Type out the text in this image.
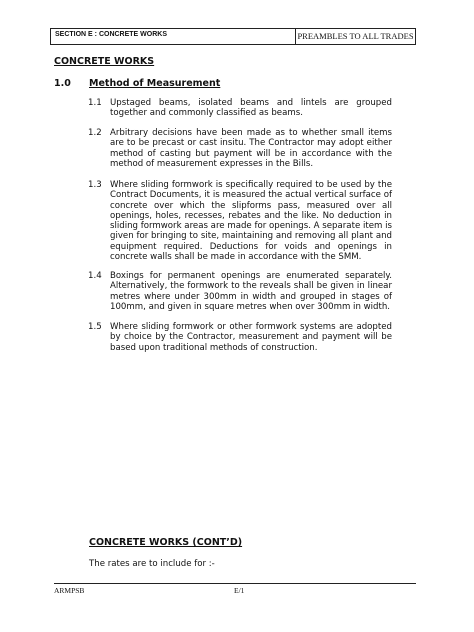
SECTION E : CONCRETE WORKS	PREAMBLES TO ALL TRADES
CONCRETE WORKS
1.0 Method of Measurement
1.1 Upstaged beams, isolated beams and lintels are grouped together and commonly classified as beams.
1.2 Arbitrary decisions have been made as to whether small items are to be precast or cast insitu. The Contractor may adopt either method of casting but payment will be in accordance with the method of measurement expresses in the Bills.
1.3 Where sliding formwork is specifically required to be used by the Contract Documents, it is measured the actual vertical surface of concrete over which the slipforms pass, measured over all openings, holes, recesses, rebates and the like. No deduction in sliding formwork areas are made for openings. A separate item is given for bringing to site, maintaining and removing all plant and equipment required. Deductions for voids and openings in concrete walls shall be made in accordance with the SMM.
1.4 Boxings for permanent openings are enumerated separately. Alternatively, the formwork to the reveals shall be given in linear metres where under 300mm in width and grouped in stages of 100mm, and given in square metres when over 300mm in width.
1.5 Where sliding formwork or other formwork systems are adopted by choice by the Contractor, measurement and payment will be based upon traditional methods of construction.
CONCRETE WORKS (CONT’D)
The rates are to include for :-
ARMPSB	E/1
